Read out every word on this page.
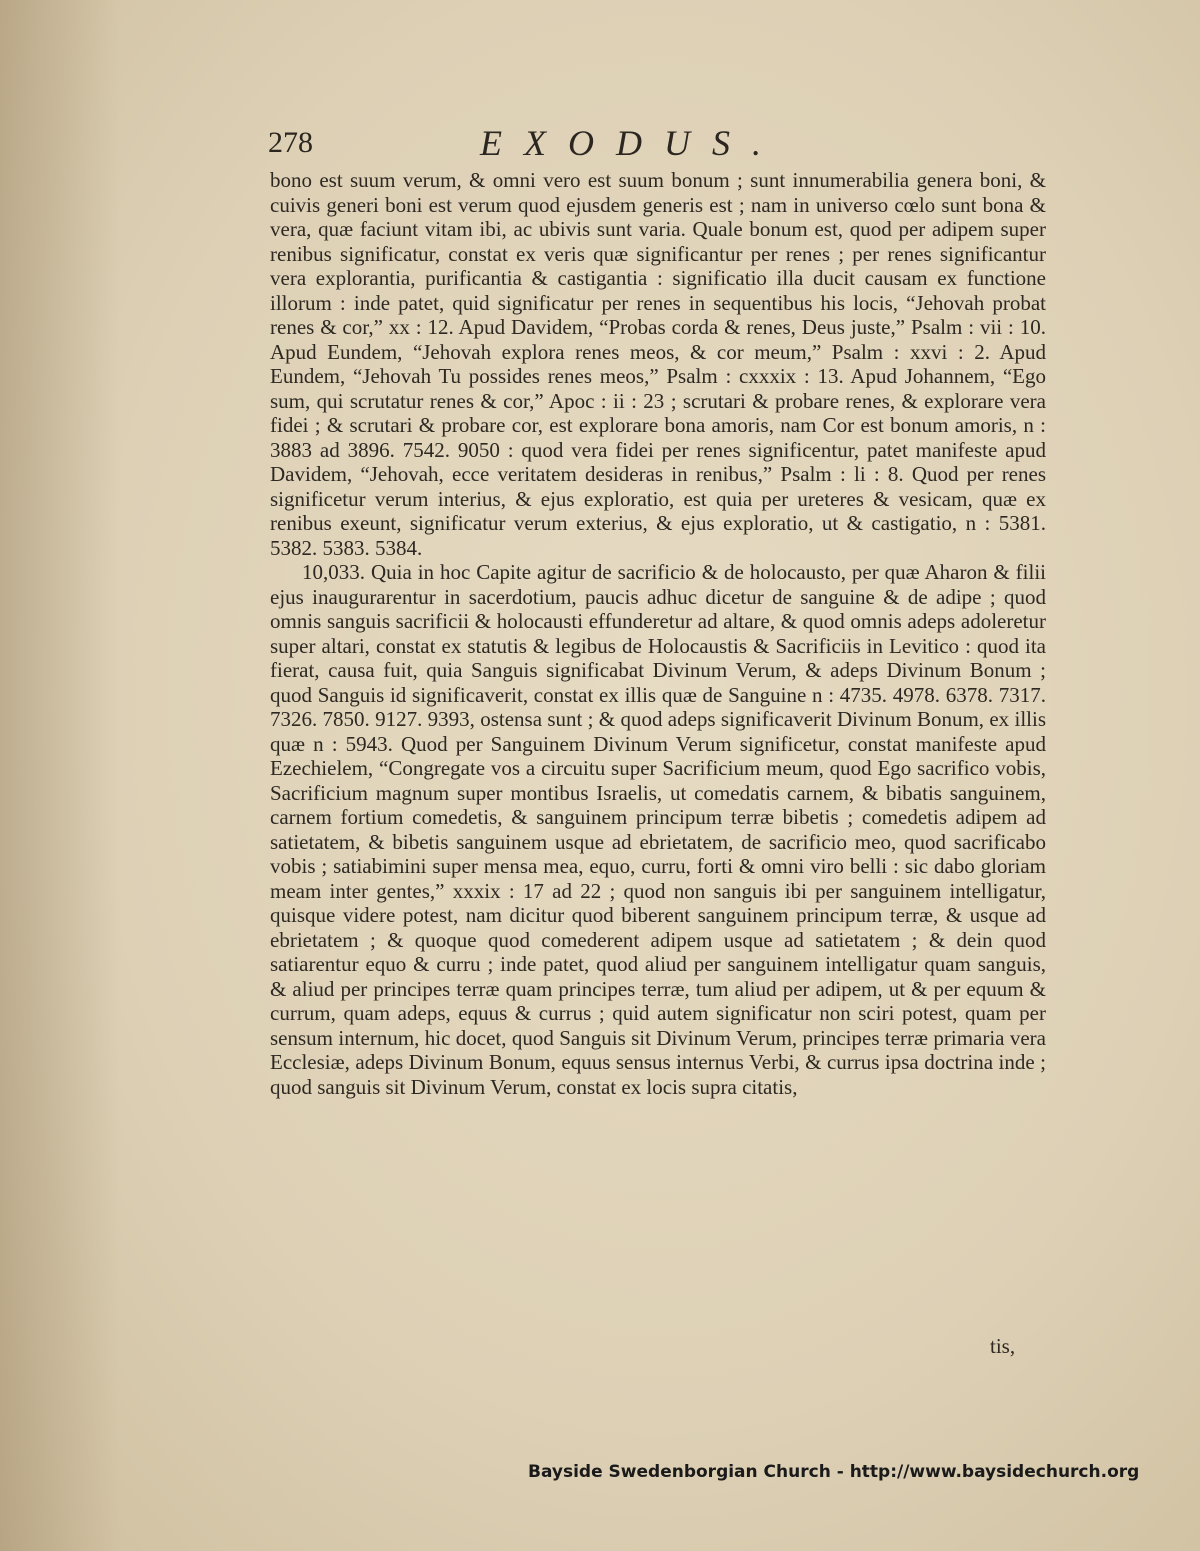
278	EXODUS.

bono est suum verum, & omni vero est suum bonum ; sunt innumerabilia genera boni, & cuivis generi boni est verum quod ejusdem generis est ; nam in universo cœlo sunt bona & vera, quæ faciunt vitam ibi, ac ubivis sunt varia. Quale bonum est, quod per adipem super renibus significatur, constat ex veris quæ significantur per renes ; per renes significantur vera explorantia, purificantia & castigantia : significatio illa ducit causam ex functione illorum : inde patet, quid significatur per renes in sequentibus his locis, “Jehovah probat renes & cor,” xx : 12. Apud Davidem, “Probas corda & renes, Deus juste,” Psalm : vii : 10. Apud Eundem, “Jehovah explora renes meos, & cor meum,” Psalm : xxvi : 2. Apud Eundem, “Jehovah Tu possides renes meos,” Psalm : cxxxix : 13. Apud Johannem, “Ego sum, qui scrutatur renes & cor,” Apoc : ii : 23 ; scrutari & probare renes, & explorare vera fidei ; & scrutari & probare cor, est explorare bona amoris, nam Cor est bonum amoris, n : 3883 ad 3896. 7542. 9050 : quod vera fidei per renes significentur, patet manifeste apud Davidem, “Jehovah, ecce veritatem desideras in renibus,” Psalm : li : 8. Quod per renes significetur verum interius, & ejus exploratio, est quia per ureteres & vesicam, quæ ex renibus exeunt, significatur verum exterius, & ejus exploratio, ut & castigatio, n : 5381. 5382. 5383. 5384.

10,033. Quia in hoc Capite agitur de sacrificio & de holocausto, per quæ Aharon & filii ejus inaugurarentur in sacerdotium, paucis adhuc dicetur de sanguine & de adipe ; quod omnis sanguis sacrificii & holocausti effunderetur ad altare, & quod omnis adeps adoleretur super altari, constat ex statutis & legibus de Holocaustis & Sacrificiis in Levitico : quod ita fierat, causa fuit, quia Sanguis significabat Divinum Verum, & adeps Divinum Bonum ; quod Sanguis id significaverit, constat ex illis quæ de Sanguine n : 4735. 4978. 6378. 7317. 7326. 7850. 9127. 9393, ostensa sunt ; & quod adeps significaverit Divinum Bonum, ex illis quæ n : 5943. Quod per Sanguinem Divinum Verum significetur, constat manifeste apud Ezechielem, “Congregate vos a circuitu super Sacrificium meum, quod Ego sacrifico vobis, Sacrificium magnum super montibus Israelis, ut comedatis carnem, & bibatis sanguinem, carnem fortium comedetis, & sanguinem principum terræ bibetis ; comedetis adipem ad satietatem, & bibetis sanguinem usque ad ebrietatem, de sacrificio meo, quod sacrificabo vobis ; satiabimini super mensa mea, equo, curru, forti & omni viro belli : sic dabo gloriam meam inter gentes,” xxxix : 17 ad 22 ; quod non sanguis ibi per sanguinem intelligatur, quisque videre potest, nam dicitur quod biberent sanguinem principum terræ, & usque ad ebrietatem ; & quoque quod comederent adipem usque ad satietatem ; & dein quod satiarentur equo & curru ; inde patet, quod aliud per sanguinem intelligatur quam sanguis, & aliud per principes terræ quam principes terræ, tum aliud per adipem, ut & per equum & currum, quam adeps, equus & currus ; quid autem significatur non sciri potest, quam per sensum internum, hic docet, quod Sanguis sit Divinum Verum, principes terræ primaria vera Ecclesiæ, adeps Divinum Bonum, equus sensus internus Verbi, & currus ipsa doctrina inde ; quod sanguis sit Divinum Verum, constat ex locis supra citatis,

tis,
Bayside Swedenborgian Church - http://www.baysidechurch.org
